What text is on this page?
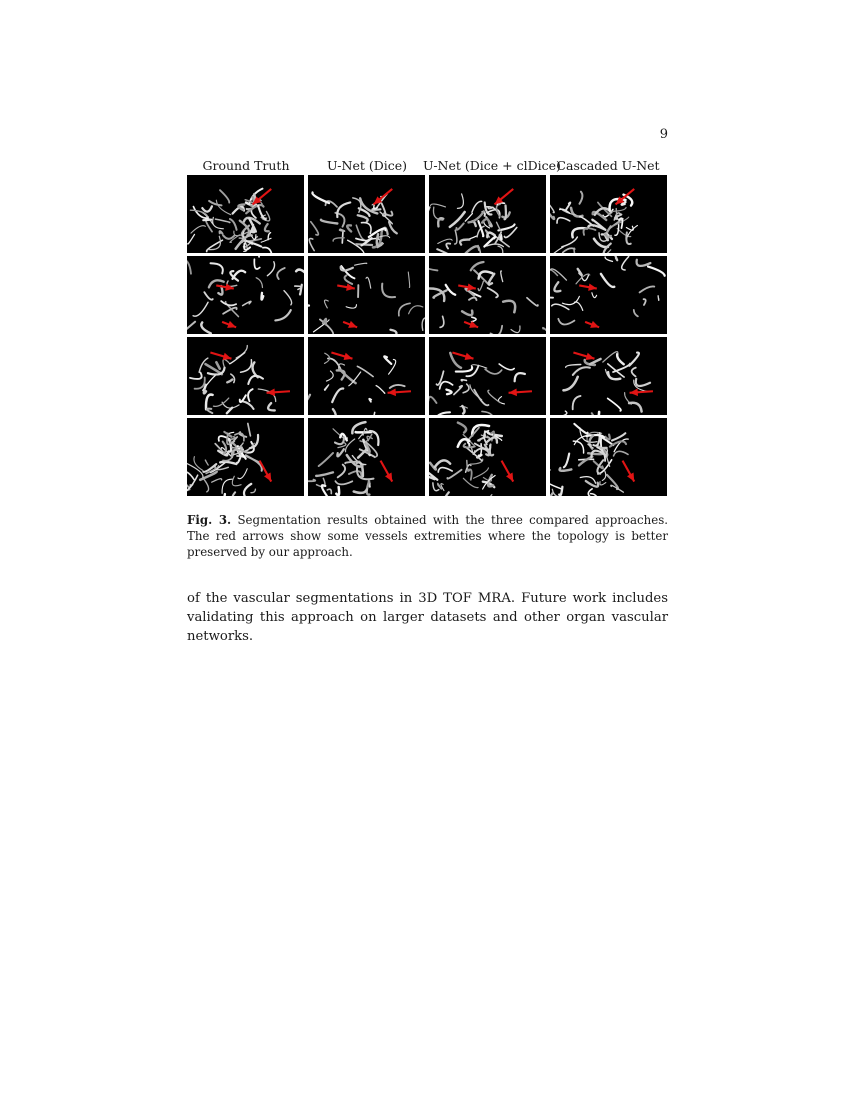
9
Ground Truth	U-Net (Dice)	U-Net (Dice + clDice)
Cascaded U-Net
Fig. 3. Segmentation results obtained with the three compared approaches. The red arrows show some vessels extremities where the topology is better preserved by our approach.
of the vascular segmentations in 3D TOF MRA. Future work includes validating this approach on larger datasets and other organ vascular networks.
